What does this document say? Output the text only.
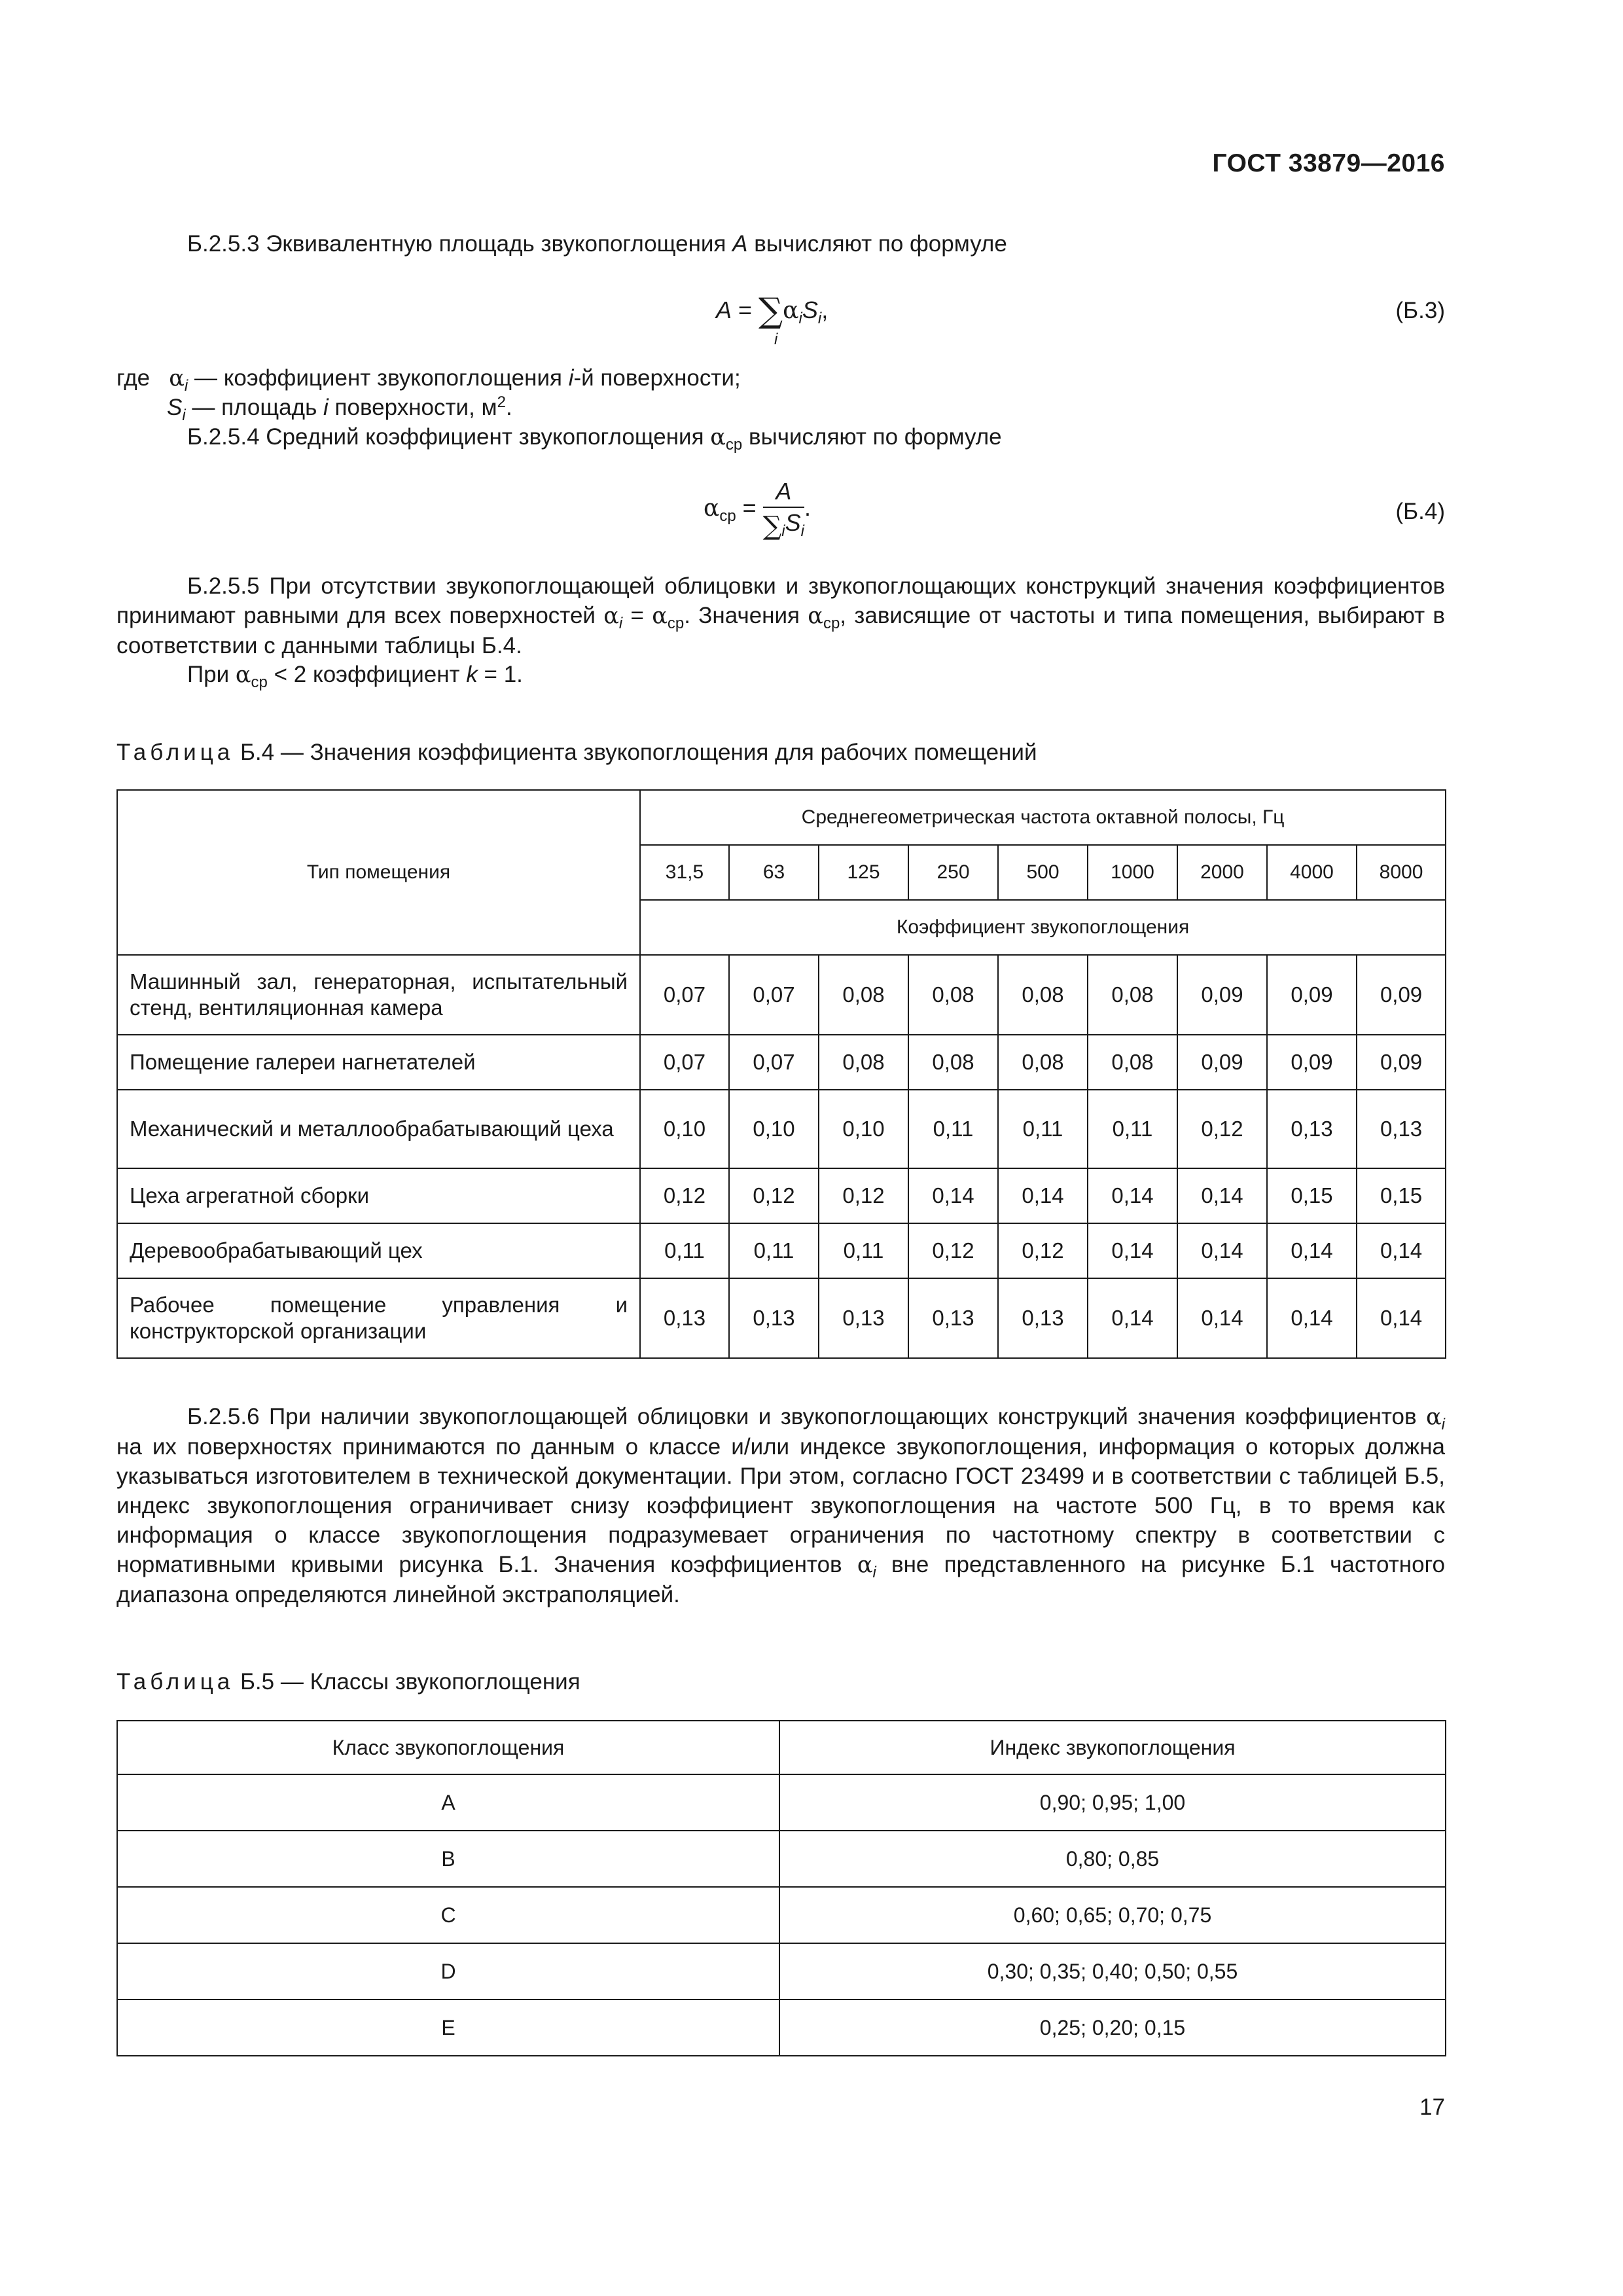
ГОСТ 33879—2016

Б.2.5.3 Эквивалентную площадь звукопоглощения A вычисляют по формуле

$A = \sum\alpha_iS_i$,
i
(Б.3)

где $\alpha_i$ — коэффициент звукопоглощения i-й поверхности;

$S_i$ — площадь i поверхности, $м^2$.

Б.2.5.4 Средний коэффициент звукопоглощения $\alpha_{ср}$ вычисляют по формуле

$\alpha_{ср} = \frac{A}{\sum_iS_i}$ .	(Б.4)

Б.2.5.5 При отсутствии звукопоглощающей облицовки и звукопоглощающих конструкций значения коэффициентов принимают равными для всех поверхностей $\alpha_i = \alpha_{ср}$. Значения $\alpha_{ср}$, зависящие от частоты и типа помещения, выбирают в соответствии с данными таблицы Б.4.

При $\alpha_{ср} < 2$ коэффициент k = 1.

Таблица Б.4 — Значения коэффициента звукопоглощения для рабочих помещений
Тип помещения	Среднегеометрическая частота октавной полосы, Гц								
	31,5	63	125	250	500	1000	2000	4000	8000
	Коэффициент звукопоглощения								
Машинный зал, генераторная, испытательный стенд, вентиляционная камера	0,07	0,07	0,08	0,08	0,08	0,08	0,09	0,09	0,09
Помещение галереи нагнетателей	0,07	0,07	0,08	0,08	0,08	0,08	0,09	0,09	0,09
Механический и металлообрабатывающий цеха	0,10	0,10	0,10	0,11	0,11	0,11	0,12	0,13	0,13
Цеха агрегатной сборки	0,12	0,12	0,12	0,14	0,14	0,14	0,14	0,15	0,15
Деревообрабатывающий цех	0,11	0,11	0,11	0,12	0,12	0,14	0,14	0,14	0,14
Рабочее помещение управления и конструкторской организации	0,13	0,13	0,13	0,13	0,13	0,14	0,14	0,14	0,14

Б.2.5.6 При наличии звукопоглощающей облицовки и звукопоглощающих конструкций значения коэффициентов $\alpha_i$ на их поверхностях принимаются по данным о классе и/или индексе звукопоглощения, информация о которых должна указываться изготовителем в технической документации. При этом, согласно ГОСТ 23499 и в соответствии с таблицей Б.5, индекс звукопоглощения ограничивает снизу коэффициент звукопоглощения на частоте 500 Гц, в то время как информация о классе звукопоглощения подразумевает ограничения по частотному спектру в соответствии с нормативными кривыми рисунка Б.1. Значения коэффициентов $\alpha_i$ вне представленного на рисунке Б.1 частотного диапазона определяются линейной экстраполяцией.

Таблица Б.5 — Классы звукопоглощения
Класс звукопоглощения	Индекс звукопоглощения
A	0,90; 0,95; 1,00
B	0,80; 0,85
C	0,60; 0,65; 0,70; 0,75
D	0,30; 0,35; 0,40; 0,50; 0,55
E	0,25; 0,20; 0,15
17
